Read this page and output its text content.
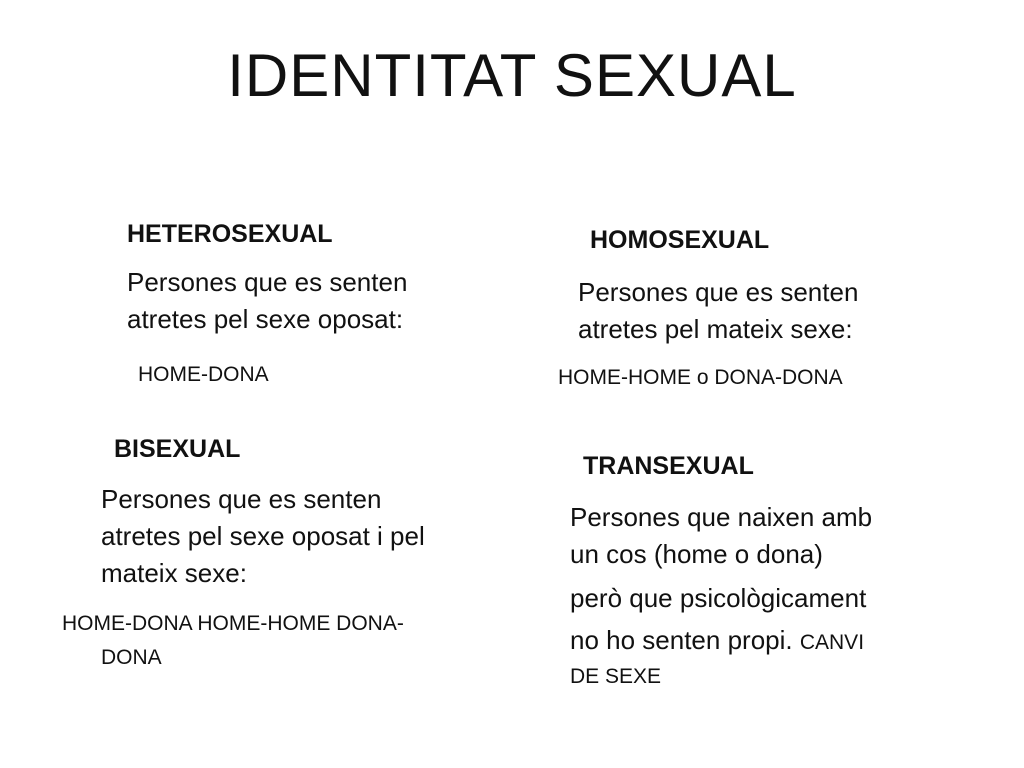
IDENTITAT SEXUAL
HETEROSEXUAL
Persones que es senten
atretes pel sexe oposat:
HOME-DONA
HOMOSEXUAL
Persones que es senten
atretes pel mateix sexe:
HOME-HOME o DONA-DONA
BISEXUAL
Persones que es senten
atretes pel sexe oposat i pel
mateix sexe:
HOME-DONA HOME-HOME DONA-
DONA
TRANSEXUAL
Persones que naixen amb
un cos (home o dona)
però que psicològicament
no ho senten propi. CANVI
DE SEXE
